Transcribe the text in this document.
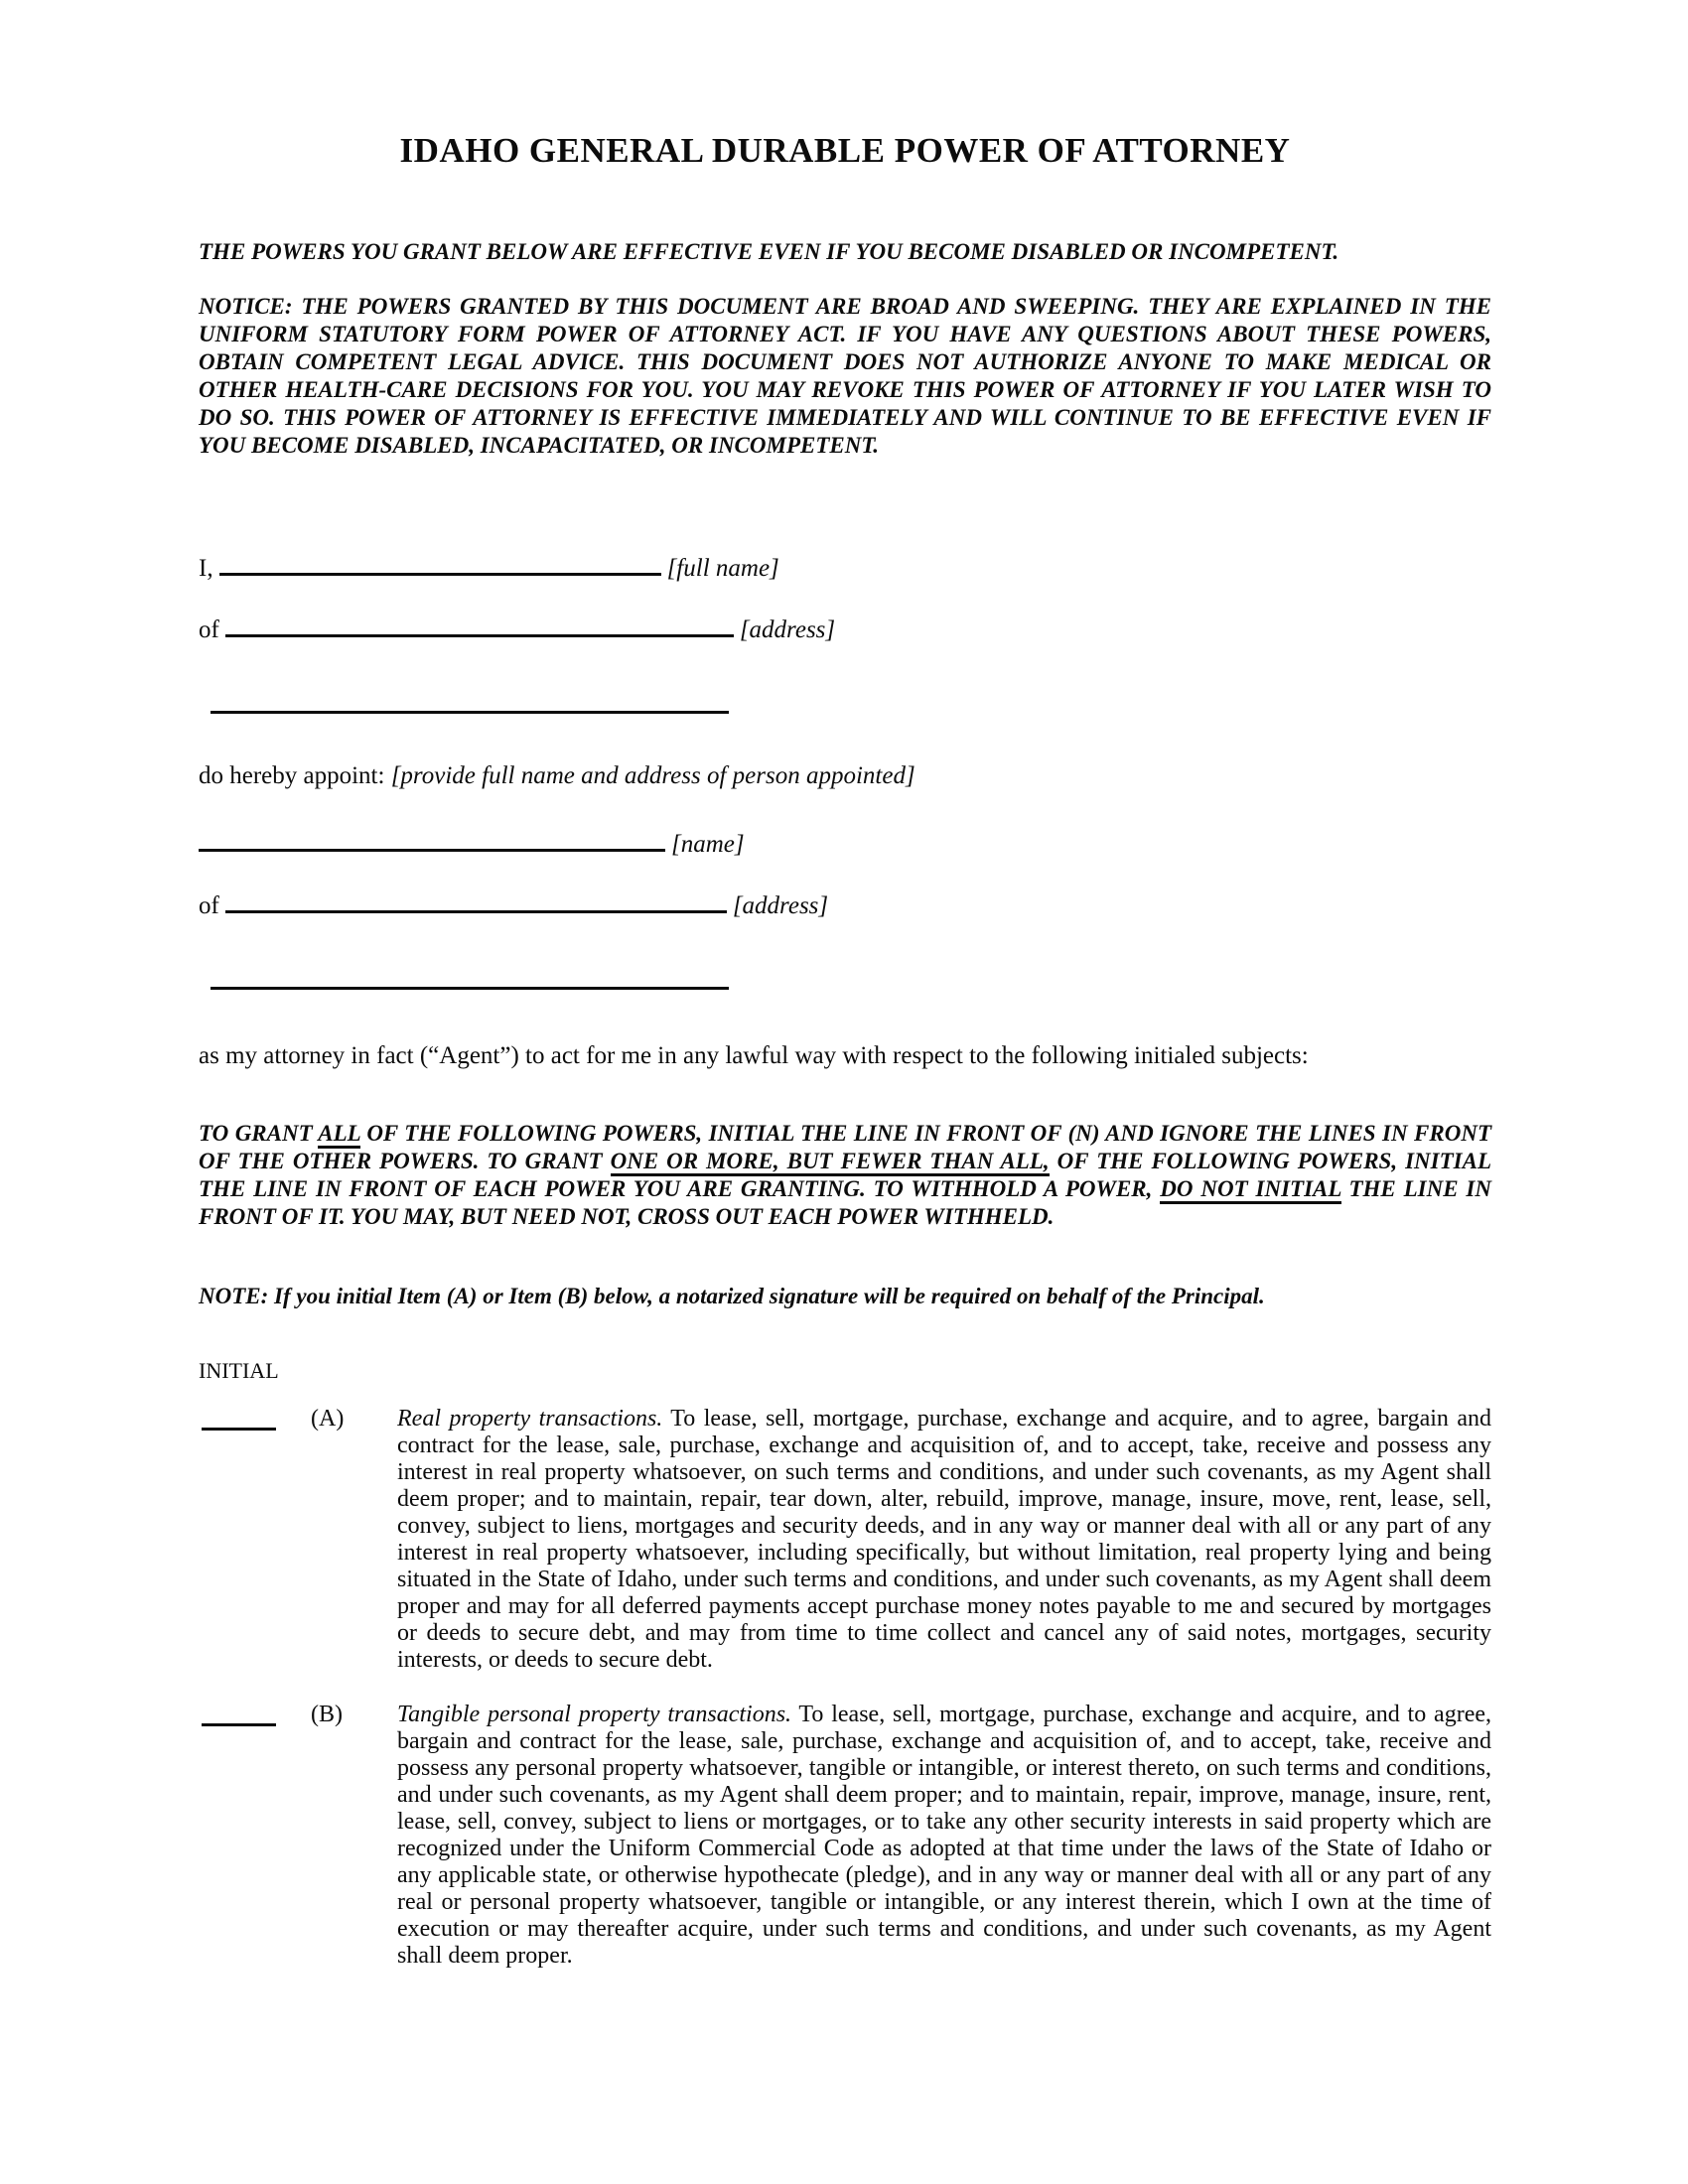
IDAHO GENERAL DURABLE POWER OF ATTORNEY

THE POWERS YOU GRANT BELOW ARE EFFECTIVE EVEN IF YOU BECOME DISABLED OR INCOMPETENT.

NOTICE: THE POWERS GRANTED BY THIS DOCUMENT ARE BROAD AND SWEEPING. THEY ARE EXPLAINED IN THE UNIFORM STATUTORY FORM POWER OF ATTORNEY ACT. IF YOU HAVE ANY QUESTIONS ABOUT THESE POWERS, OBTAIN COMPETENT LEGAL ADVICE. THIS DOCUMENT DOES NOT AUTHORIZE ANYONE TO MAKE MEDICAL OR OTHER HEALTH-CARE DECISIONS FOR YOU. YOU MAY REVOKE THIS POWER OF ATTORNEY IF YOU LATER WISH TO DO SO. THIS POWER OF ATTORNEY IS EFFECTIVE IMMEDIATELY AND WILL CONTINUE TO BE EFFECTIVE EVEN IF YOU BECOME DISABLED, INCAPACITATED, OR INCOMPETENT.

I,	[full name]
of	[address]
do hereby appoint: [provide full name and address of person appointed]
[name]
of	[address]

as my attorney in fact (“Agent”) to act for me in any lawful way with respect to the following initialed subjects:

TO GRANT ALL OF THE FOLLOWING POWERS, INITIAL THE LINE IN FRONT OF (N) AND IGNORE THE LINES IN FRONT OF THE OTHER POWERS. TO GRANT ONE OR MORE, BUT FEWER THAN ALL, OF THE FOLLOWING POWERS, INITIAL THE LINE IN FRONT OF EACH POWER YOU ARE GRANTING. TO WITHHOLD A POWER, DO NOT INITIAL THE LINE IN FRONT OF IT. YOU MAY, BUT NEED NOT, CROSS OUT EACH POWER WITHHELD.

NOTE: If you initial Item (A) or Item (B) below, a notarized signature will be required on behalf of the Principal.

INITIAL
(A)	Real property transactions. To lease, sell, mortgage, purchase, exchange and acquire, and to agree, bargain and contract for the lease, sale, purchase, exchange and acquisition of, and to accept, take, receive and possess any interest in real property whatsoever, on such terms and conditions, and under such covenants, as my Agent shall deem proper; and to maintain, repair, tear down, alter, rebuild, improve, manage, insure, move, rent, lease, sell, convey, subject to liens, mortgages and security deeds, and in any way or manner deal with all or any part of any interest in real property whatsoever, including specifically, but without limitation, real property lying and being situated in the State of Idaho, under such terms and conditions, and under such covenants, as my Agent shall deem proper and may for all deferred payments accept purchase money notes payable to me and secured by mortgages or deeds to secure debt, and may from time to time collect and cancel any of said notes, mortgages, security interests, or deeds to secure debt.
(B)	Tangible personal property transactions. To lease, sell, mortgage, purchase, exchange and acquire, and to agree, bargain and contract for the lease, sale, purchase, exchange and acquisition of, and to accept, take, receive and possess any personal property whatsoever, tangible or intangible, or interest thereto, on such terms and conditions, and under such covenants, as my Agent shall deem proper; and to maintain, repair, improve, manage, insure, rent, lease, sell, convey, subject to liens or mortgages, or to take any other security interests in said property which are recognized under the Uniform Commercial Code as adopted at that time under the laws of the State of Idaho or any applicable state, or otherwise hypothecate (pledge), and in any way or manner deal with all or any part of any real or personal property whatsoever, tangible or intangible, or any interest therein, which I own at the time of execution or may thereafter acquire, under such terms and conditions, and under such covenants, as my Agent shall deem proper.
